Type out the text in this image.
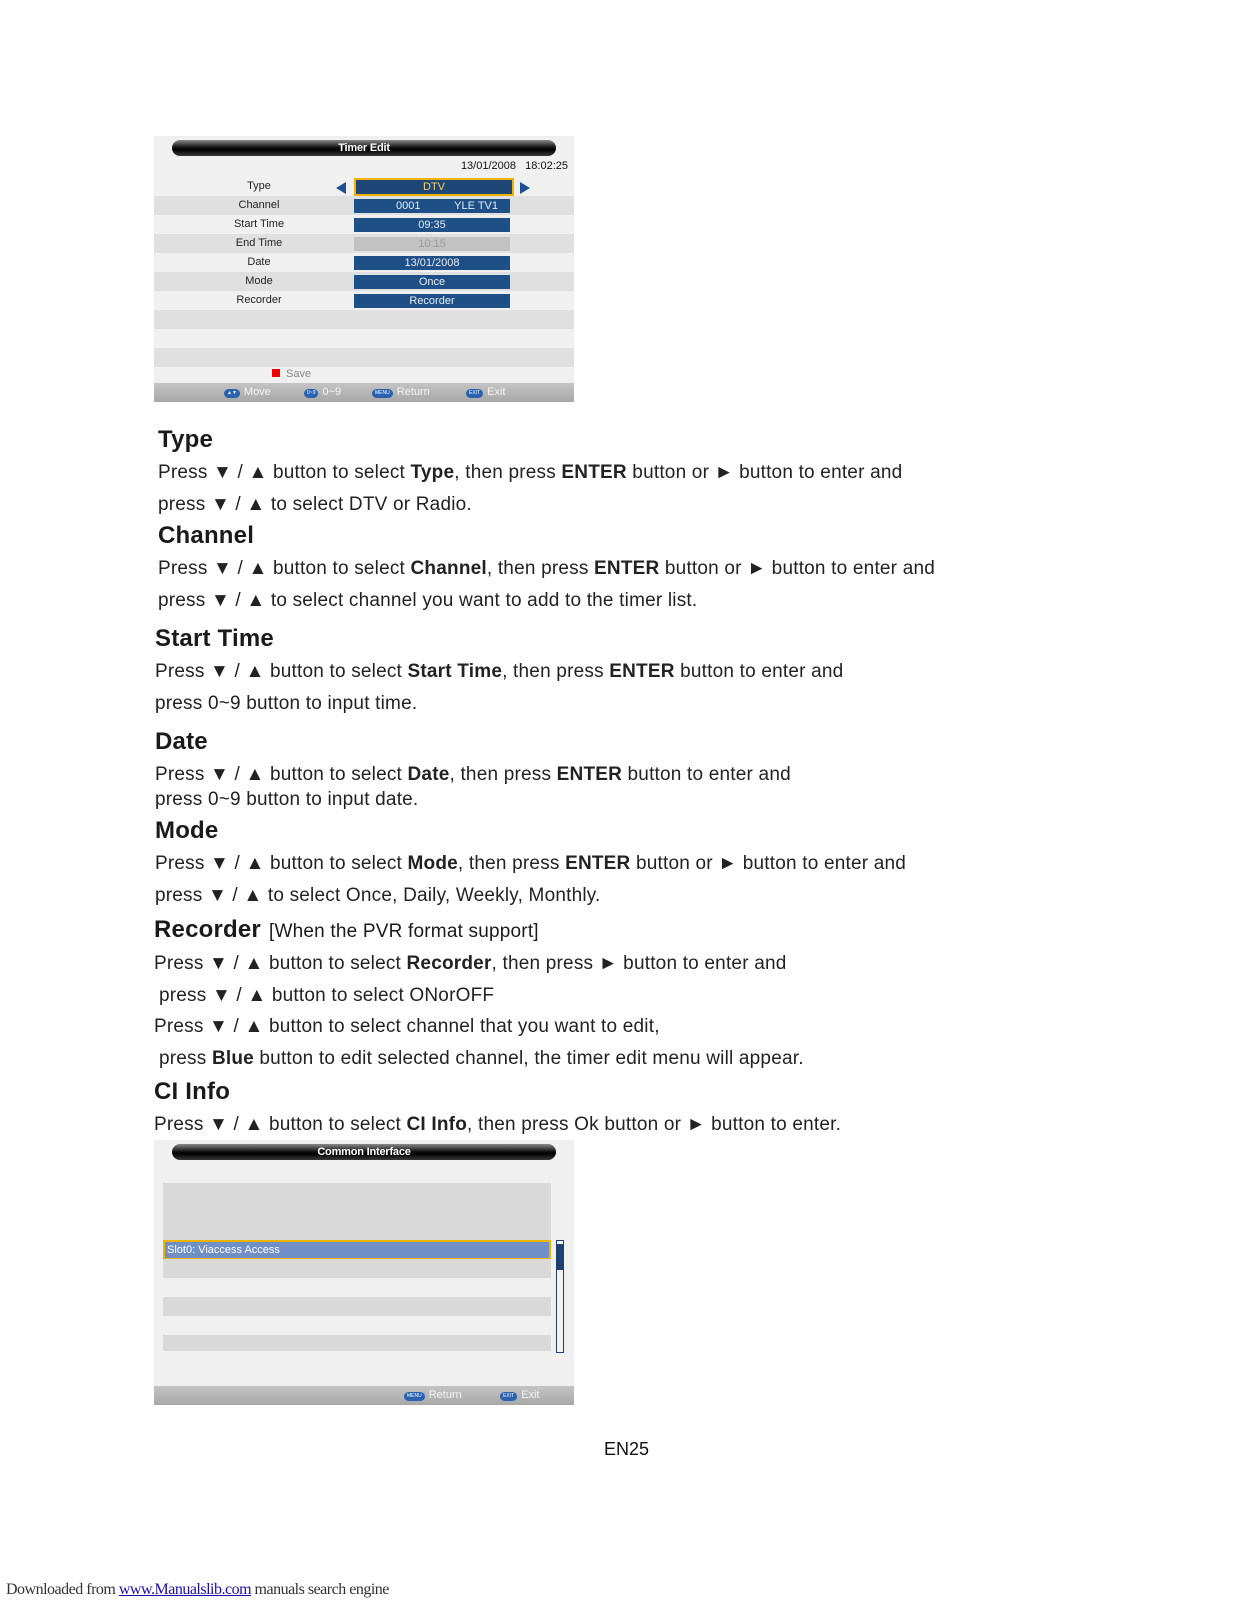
Timer Edit
13/01/2008 18:02:25
Type	DTV
Channel	0001	YLE TV1
Start Time	09:35
End Time	10:15
Date	13/01/2008
Mode	Once
Recorder	Recorder
Save
▲▼ Move	0~9 0~9	MENU Return	EXIT Exit
Type
Press ▼ / ▲ button to select Type, then press ENTER button or ► button to enter and
press ▼ / ▲ to select DTV or Radio.
Channel
Press ▼ / ▲ button to select Channel, then press ENTER button or ► button to enter and
press ▼ / ▲ to select channel you want to add to the timer list.
Start Time
Press ▼ / ▲ button to select Start Time, then press ENTER button to enter and
press 0~9 button to input time.
Date
Press ▼ / ▲ button to select Date, then press ENTER button to enter and
press 0~9 button to input date.
Mode
Press ▼ / ▲ button to select Mode, then press ENTER button or ► button to enter and
press ▼ / ▲ to select Once, Daily, Weekly, Monthly.
Recorder [When the PVR format support]
Press ▼ / ▲ button to select Recorder, then press ► button to enter and
press ▼ / ▲ button to select ONorOFF
Press ▼ / ▲ button to select channel that you want to edit,
press Blue button to edit selected channel, the timer edit menu will appear.
CI Info
Press ▼ / ▲ button to select CI Info, then press Ok button or ► button to enter.
Common Interface
Slot0: Viaccess Access
MENU Return	EXIT Exit
EN25
Downloaded from www.Manualslib.com manuals search engine
